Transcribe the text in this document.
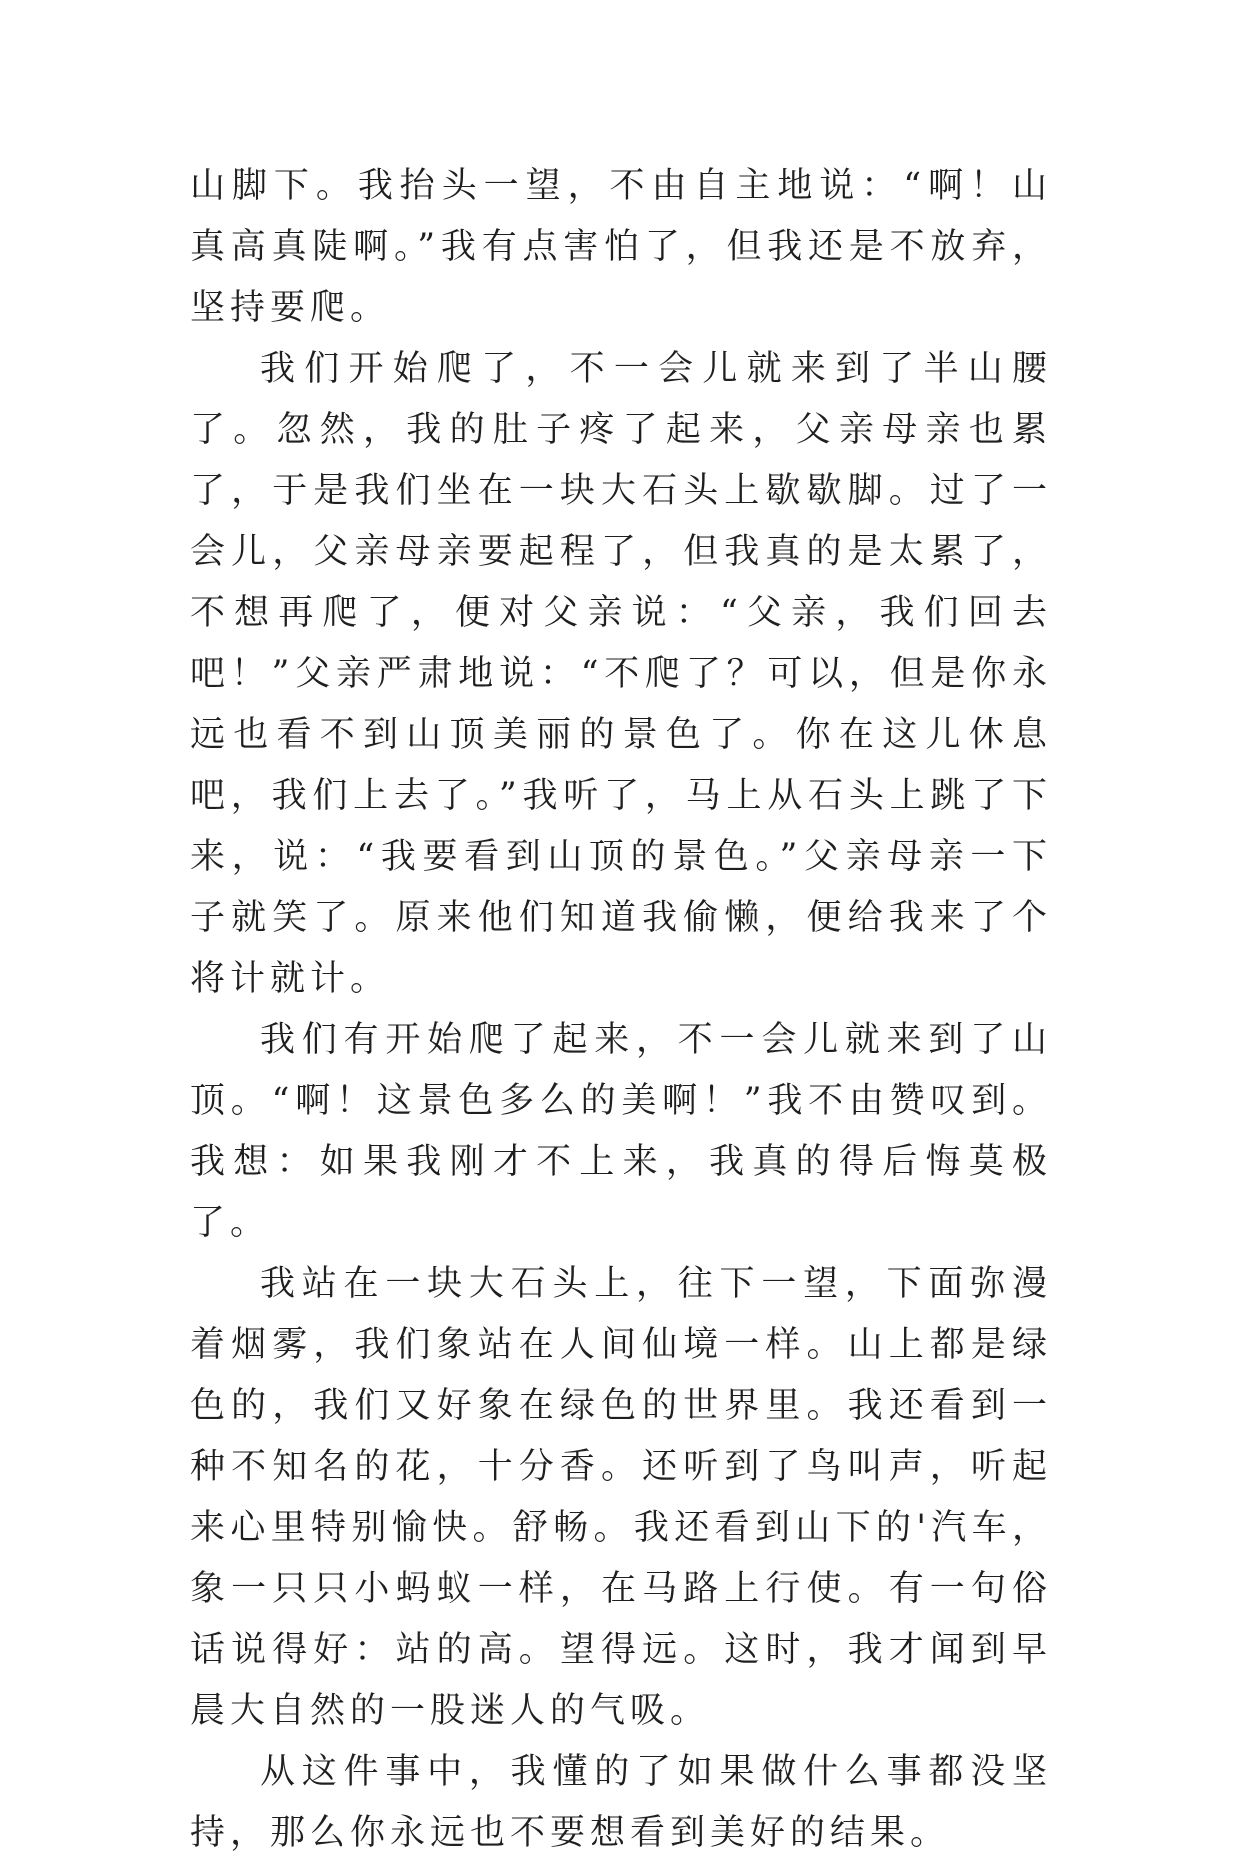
山脚下。我抬头一望，不由自主地说：“啊！山真高真陡啊。”我有点害怕了，但我还是不放弃，坚持要爬。

我们开始爬了，不一会儿就来到了半山腰了。忽然，我的肚子疼了起来，父亲母亲也累了，于是我们坐在一块大石头上歇歇脚。过了一会儿，父亲母亲要起程了，但我真的是太累了，不想再爬了，便对父亲说：“父亲，我们回去吧！”父亲严肃地说：“不爬了？可以，但是你永远也看不到山顶美丽的景色了。你在这儿休息吧，我们上去了。”我听了，马上从石头上跳了下来，说：“我要看到山顶的景色。”父亲母亲一下子就笑了。原来他们知道我偷懒，便给我来了个将计就计。

我们有开始爬了起来，不一会儿就来到了山顶。“啊！这景色多么的美啊！”我不由赞叹到。我想：如果我刚才不上来，我真的得后悔莫极了。

我站在一块大石头上，往下一望，下面弥漫着烟雾，我们象站在人间仙境一样。山上都是绿色的，我们又好象在绿色的世界里。我还看到一种不知名的花，十分香。还听到了鸟叫声，听起来心里特别愉快。舒畅。我还看到山下的'汽车，象一只只小蚂蚁一样，在马路上行使。有一句俗话说得好：站的高。望得远。这时，我才闻到早晨大自然的一股迷人的气吸。

从这件事中，我懂的了如果做什么事都没坚持，那么你永远也不要想看到美好的结果。
